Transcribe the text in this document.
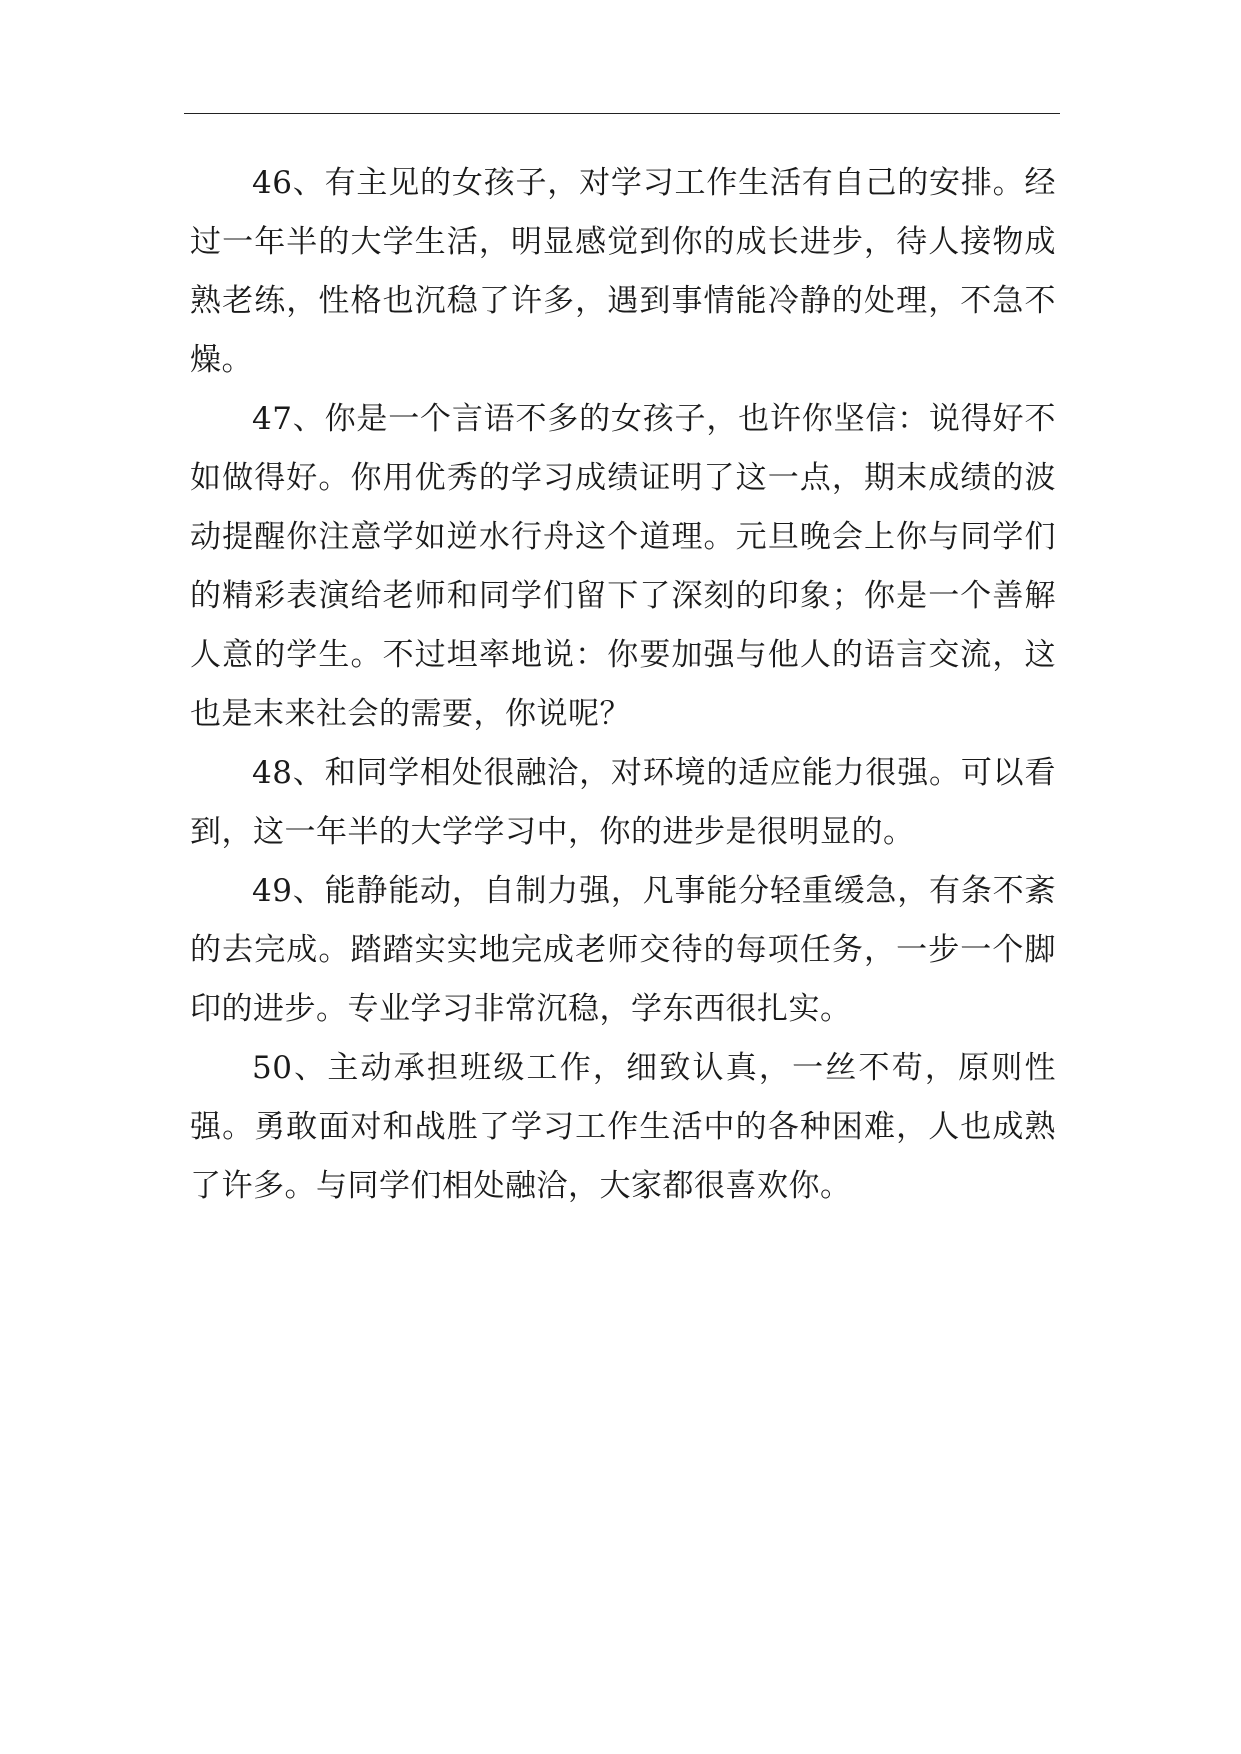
46、有主见的女孩子，对学习工作生活有自己的安排。经过一年半的大学生活，明显感觉到你的成长进步，待人接物成熟老练，性格也沉稳了许多，遇到事情能冷静的处理，不急不燥。

47、你是一个言语不多的女孩子，也许你坚信：说得好不如做得好。你用优秀的学习成绩证明了这一点，期末成绩的波动提醒你注意学如逆水行舟这个道理。元旦晚会上你与同学们的精彩表演给老师和同学们留下了深刻的印象；你是一个善解人意的学生。不过坦率地说：你要加强与他人的语言交流，这也是末来社会的需要，你说呢？

48、和同学相处很融洽，对环境的适应能力很强。可以看到，这一年半的大学学习中，你的进步是很明显的。

49、能静能动，自制力强，凡事能分轻重缓急，有条不紊的去完成。踏踏实实地完成老师交待的每项任务，一步一个脚印的进步。专业学习非常沉稳，学东西很扎实。

50、主动承担班级工作，细致认真，一丝不苟，原则性强。勇敢面对和战胜了学习工作生活中的各种困难，人也成熟了许多。与同学们相处融洽，大家都很喜欢你。
